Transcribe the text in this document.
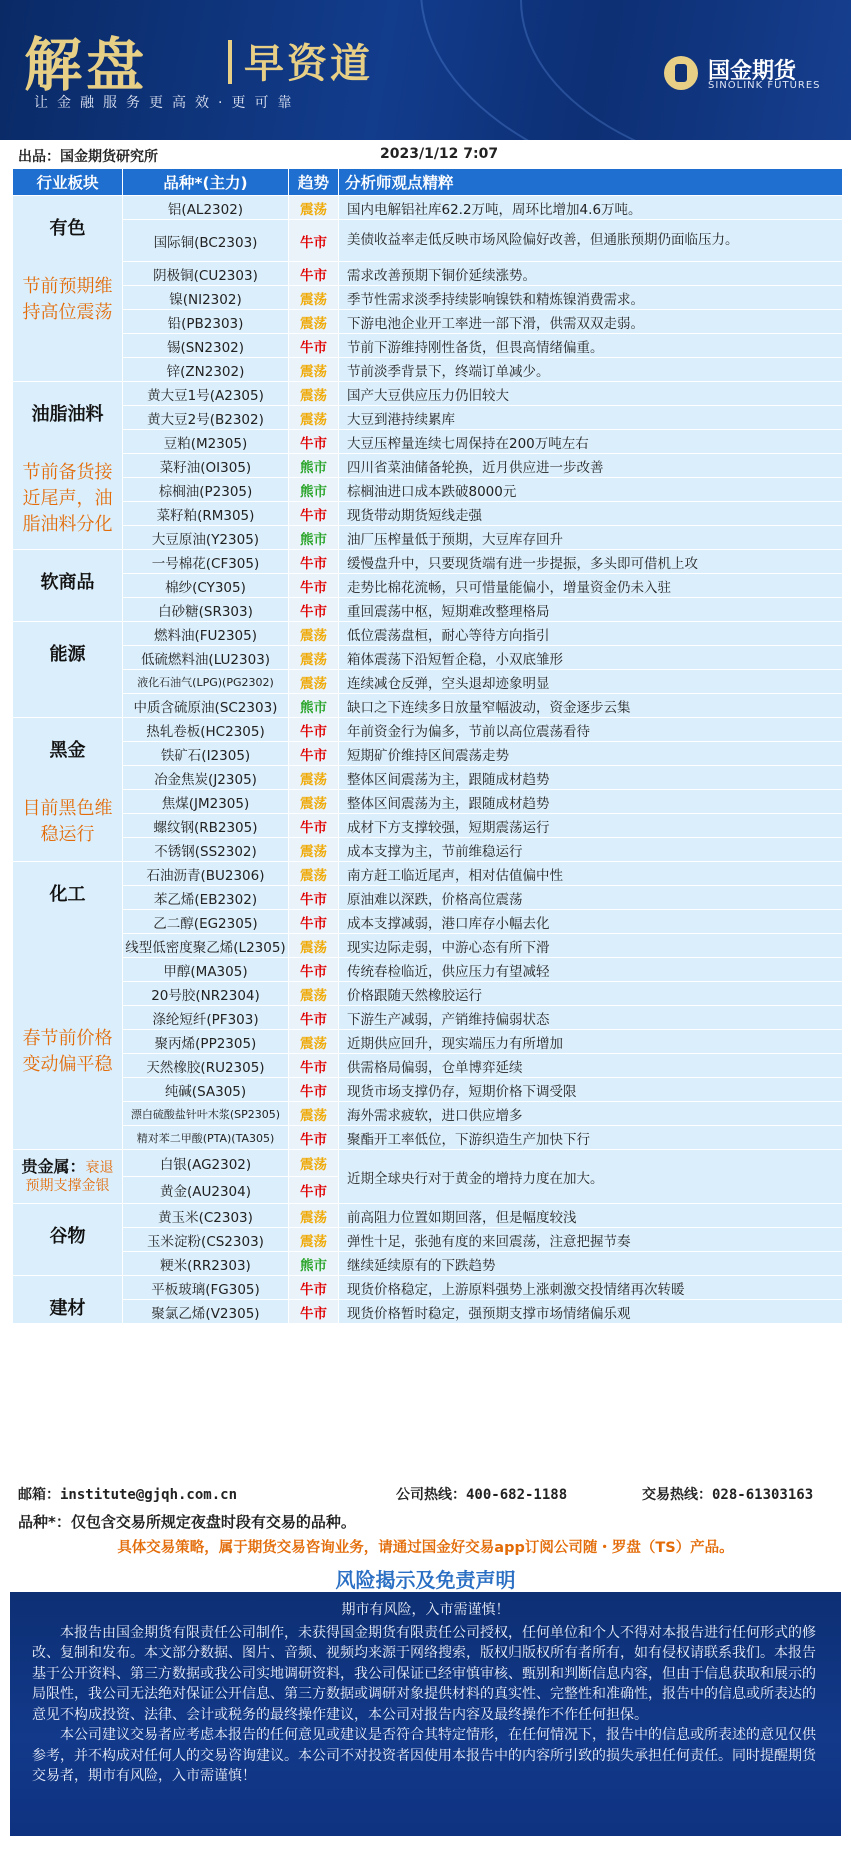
解盘 早资道
让金融服务更高效·更可靠
国金期货
SINOLINK FUTURES
出品：国金期货研究所	2023/1/12 7:07
行业板块	品种*(主力)	趋势	分析师观点精粹

有色
节前预期维持高位震荡	铝(AL2302)	震荡	国内电解铝社库62.2万吨，周环比增加4.6万吨。
	国际铜(BC2303)	牛市	美债收益率走低反映市场风险偏好改善，但通胀预期仍面临压力。
	阴极铜(CU2303)	牛市	需求改善预期下铜价延续涨势。
	镍(NI2302)	震荡	季节性需求淡季持续影响镍铁和精炼镍消费需求。
	铅(PB2303)	震荡	下游电池企业开工率进一部下滑，供需双双走弱。
	锡(SN2302)	牛市	节前下游维持刚性备货，但畏高情绪偏重。
	锌(ZN2302)	震荡	节前淡季背景下，终端订单减少。

油脂油料
节前备货接近尾声，油脂油料分化	黄大豆1号(A2305)	震荡	国产大豆供应压力仍旧较大
	黄大豆2号(B2302)	震荡	大豆到港持续累库
	豆粕(M2305)	牛市	大豆压榨量连续七周保持在200万吨左右
	菜籽油(OI305)	熊市	四川省菜油储备轮换，近月供应进一步改善
	棕榈油(P2305)	熊市	棕榈油进口成本跌破8000元
	菜籽粕(RM305)	牛市	现货带动期货短线走强
	大豆原油(Y2305)	熊市	油厂压榨量低于预期，大豆库存回升

软商品	一号棉花(CF305)	牛市	缓慢盘升中，只要现货端有进一步提振，多头即可借机上攻
	棉纱(CY305)	牛市	走势比棉花流畅，只可惜量能偏小，增量资金仍未入驻
	白砂糖(SR303)	牛市	重回震荡中枢，短期难改整理格局

能源	燃料油(FU2305)	震荡	低位震荡盘桓，耐心等待方向指引
	低硫燃料油(LU2303)	震荡	箱体震荡下沿短暂企稳，小双底雏形
	液化石油气(LPG)(PG2302)	震荡	连续减仓反弹，空头退却迹象明显
	中质含硫原油(SC2303)	熊市	缺口之下连续多日放量窄幅波动，资金逐步云集

黑金
目前黑色维稳运行	热轧卷板(HC2305)	牛市	年前资金行为偏多，节前以高位震荡看待
	铁矿石(I2305)	牛市	短期矿价维持区间震荡走势
	冶金焦炭(J2305)	震荡	整体区间震荡为主，跟随成材趋势
	焦煤(JM2305)	震荡	整体区间震荡为主，跟随成材趋势
	螺纹钢(RB2305)	牛市	成材下方支撑较强，短期震荡运行
	不锈钢(SS2302)	震荡	成本支撑为主，节前维稳运行

化工
春节前价格变动偏平稳	石油沥青(BU2306)	震荡	南方赶工临近尾声，相对估值偏中性
	苯乙烯(EB2302)	牛市	原油难以深跌，价格高位震荡
	乙二醇(EG2305)	牛市	成本支撑减弱，港口库存小幅去化
	线型低密度聚乙烯(L2305)	震荡	现实边际走弱，中游心态有所下滑
	甲醇(MA305)	牛市	传统春检临近，供应压力有望减轻
	20号胶(NR2304)	震荡	价格跟随天然橡胶运行
	涤纶短纤(PF303)	牛市	下游生产减弱，产销维持偏弱状态
	聚丙烯(PP2305)	震荡	近期供应回升，现实端压力有所增加
	天然橡胶(RU2305)	牛市	供需格局偏弱，仓单博弈延续
	纯碱(SA305)	牛市	现货市场支撑仍存，短期价格下调受限
	漂白硫酸盐针叶木浆(SP2305)	震荡	海外需求疲软，进口供应增多
	精对苯二甲酸(PTA)(TA305)	牛市	聚酯开工率低位，下游织造生产加快下行
贵金属：衰退预期支撑金银	白银(AG2302)	震荡	近期全球央行对于黄金的增持力度在加大。
	黄金(AU2304)	牛市	

谷物	黄玉米(C2303)	震荡	前高阻力位置如期回落，但是幅度较浅
	玉米淀粉(CS2303)	震荡	弹性十足，张弛有度的来回震荡，注意把握节奏
	粳米(RR2303)	熊市	继续延续原有的下跌趋势

建材	平板玻璃(FG305)	牛市	现货价格稳定，上游原料强势上涨刺激交投情绪再次转暖
	聚氯乙烯(V2305)	牛市	现货价格暂时稳定，强预期支撑市场情绪偏乐观
邮箱：institute@gjqh.com.cn	公司热线：400-682-1188	交易热线：028-61303163
品种*：仅包含交易所规定夜盘时段有交易的品种。
具体交易策略，属于期货交易咨询业务，请通过国金好交易app订阅公司随・罗盘（TS）产品。
风险揭示及免责声明
期市有风险，入市需谨慎！
本报告由国金期货有限责任公司制作，未获得国金期货有限责任公司授权，任何单位和个人不得对本报告进行任何形式的修改、复制和发布。本文部分数据、图片、音频、视频均来源于网络搜索，版权归版权所有者所有，如有侵权请联系我们。本报告基于公开资料、第三方数据或我公司实地调研资料，我公司保证已经审慎审核、甄别和判断信息内容，但由于信息获取和展示的局限性，我公司无法绝对保证公开信息、第三方数据或调研对象提供材料的真实性、完整性和准确性，报告中的信息或所表达的意见不构成投资、法律、会计或税务的最终操作建议，本公司对报告内容及最终操作不作任何担保。
本公司建议交易者应考虑本报告的任何意见或建议是否符合其特定情形，在任何情况下，报告中的信息或所表述的意见仅供参考，并不构成对任何人的交易咨询建议。本公司不对投资者因使用本报告中的内容所引致的损失承担任何责任。同时提醒期货交易者，期市有风险，入市需谨慎！
